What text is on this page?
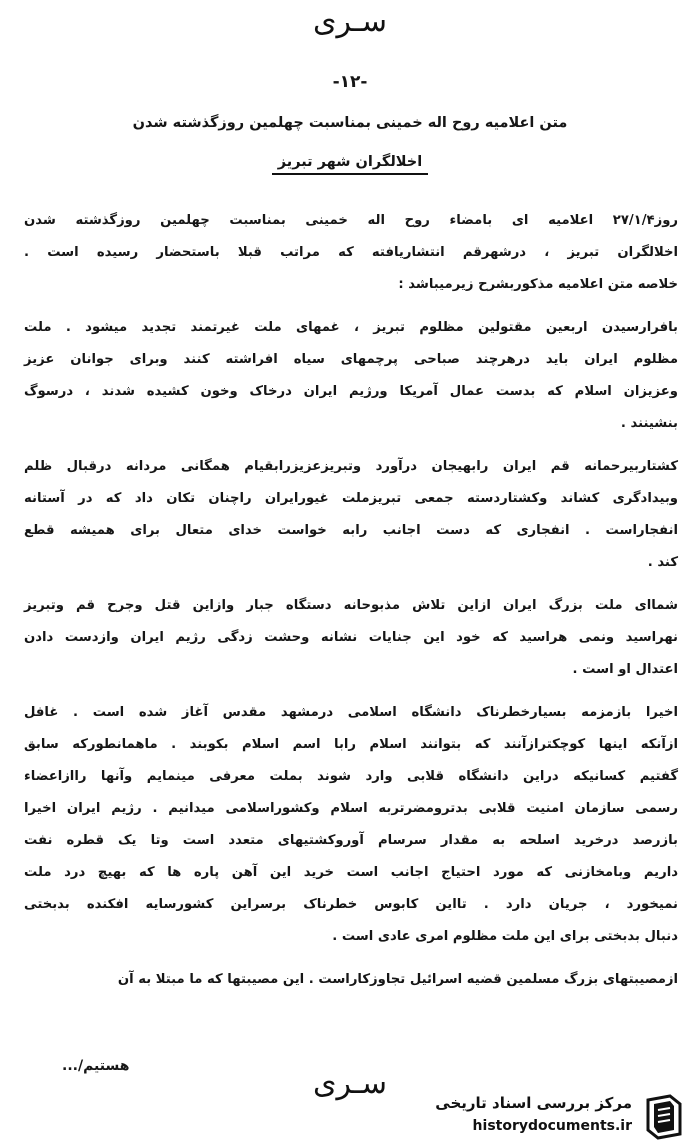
سـری
-۱۲-
متن اعلامیه روح اله خمینی بمناسبت چهلمین روزگذشته شدن
اخلالگران شهر تبریز

روز۲۷/۱/۴ اعلامیه ای بامضاء روح اله خمینی بمناسبت چهلمین روزگذشته شدن
اخلالگران تبریز ، درشهرقم انتشاریافته که مراتب قبلا باستحضار رسیده است .
خلاصه متن اعلامیه مذکوربشرح زیرمیباشد :

بافرارسیدن اربعین مقتولین مظلوم تبریز ، غمهای ملت غیرتمند تجدید میشود . ملت
مظلوم ایران باید درهرچند صباحی پرچمهای سیاه افراشته کنند وبرای جوانان عزیز
وعزیزان اسلام که بدست عمال آمریکا ورژیم ایران درخاک وخون کشیده شدند ، درسوگ
بنشینند .

کشتاربیرحمانه قم ایران رابهیجان درآورد وتبریزعزیزرابقیام همگانی مردانه درقبال ظلم
وبیدادگری کشاند وکشتاردسته جمعی تبریزملت غیورایران راچنان تکان داد که در آستانه
انفجاراست . انفجاری که دست اجانب رابه خواست خدای متعال برای همیشه قطع
کند .

شماای ملت بزرگ ایران ازاین تلاش مذبوحانه دستگاه جبار وازاین قتل وجرح قم وتبریز
نهراسید ونمی هراسید که خود این جنایات نشانه وحشت زدگی رژیم ایران وازدست دادن
اعتدال او است .

اخیرا بازمزمه بسیارخطرناک دانشگاه اسلامی درمشهد مقدس آغاز شده است . غافل
ازآنکه اینها کوچکترازآنند که بتوانند اسلام رابا اسم اسلام بکوبند . ماهمانطورکه سابق
گفتیم کسانیکه دراین دانشگاه قلابی وارد شوند بملت معرفی مینمایم وآنها راازاعضاء
رسمی سازمان امنیت قلابی بدترومضرتربه اسلام وکشوراسلامی میدانیم . رژیم ایران اخیرا
بازرصد درخرید اسلحه به مقدار سرسام آوروکشتیهای متعدد است وتا یک قطره نفت
داریم وبامخازنی که مورد احتیاج اجانب است خرید این آهن پاره ها که بهیچ درد ملت
نمیخورد ، جریان دارد . تااین کابوس خطرناک برسراین کشورسایه افکنده بدبختی
دنبال بدبختی برای این ملت مظلوم امری عادی است .

ازمصیبتهای بزرگ مسلمین قضیه اسرائیل تجاوزکاراست . این مصیبتها که ما مبتلا به آن

هستیم/...	سـری
مرکز بررسی اسناد تاریخی
historydocuments.ir
